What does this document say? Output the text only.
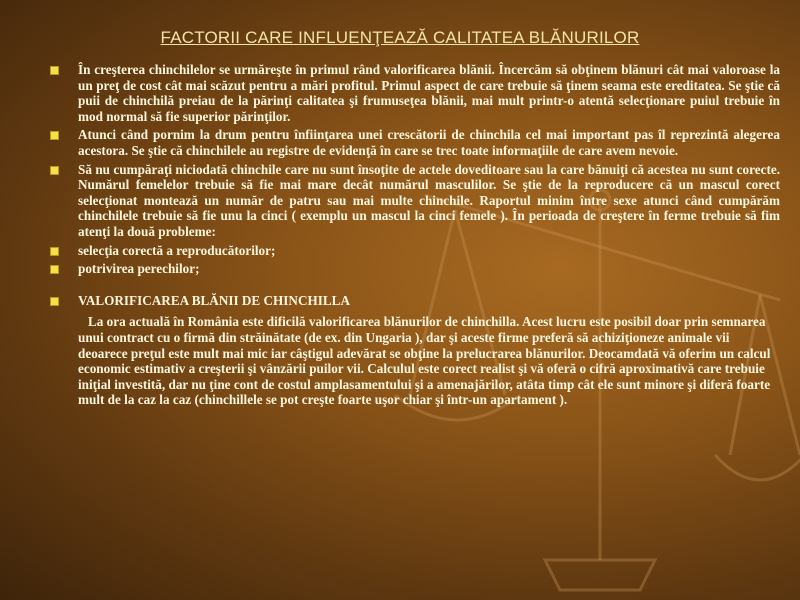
FACTORII CARE INFLUENŢEAZĂ CALITATEA BLĂNURILOR
În creşterea chinchilelor se urmăreşte în primul rând valorificarea blănii. Încercăm să obţinem blănuri cât mai valoroase la un preţ de cost cât mai scăzut pentru a mări profitul. Primul aspect de care trebuie să ţinem seama este ereditatea. Se ştie că puii de chinchilă preiau de la părinţi calitatea şi frumuseţea blănii, mai mult printr-o atentă selecţionare puiul trebuie în mod normal să fie superior părinţilor.
Atunci când pornim la drum pentru înfiinţarea unei crescătorii de chinchila cel mai important pas îl reprezintă alegerea acestora. Se ştie că chinchilele au registre de evidenţă în care se trec toate informaţiile de care avem nevoie.
Să nu cumpăraţi niciodată chinchile care nu sunt însoţite de actele doveditoare sau la care bănuiţi că acestea nu sunt corecte. Numărul femelelor trebuie să fie mai mare decât numărul masculilor. Se ştie de la reproducere că un mascul corect selecţionat montează un număr de patru sau mai multe chinchile. Raportul minim între sexe atunci când cumpărăm chinchilele trebuie să fie unu la cinci ( exemplu un mascul la cinci femele ). În perioada de creştere în ferme trebuie să fim atenţi la două probleme:
selecţia corectă a reproducătorilor;
potrivirea perechilor;
VALORIFICAREA BLĂNII DE CHINCHILLA
La ora actuală în România este dificilă valorificarea blănurilor de chinchilla. Acest lucru este posibil doar prin semnarea unui contract cu o firmă din străinătate (de ex. din Ungaria ), dar şi aceste firme preferă să achiziţioneze animale vii deoarece preţul este mult mai mic iar câştigul adevărat se obţine la prelucrarea blănurilor. Deocamdată vă oferim un calcul economic estimativ a creşterii şi vânzării puilor vii. Calculul este corect realist şi vă oferă o cifră aproximativă care trebuie iniţial investită, dar nu ţine cont de costul amplasamentului şi a amenajărilor, atâta timp cât ele sunt minore şi diferă foarte mult de la caz la caz (chinchillele se pot creşte foarte uşor chiar şi într-un apartament ).
